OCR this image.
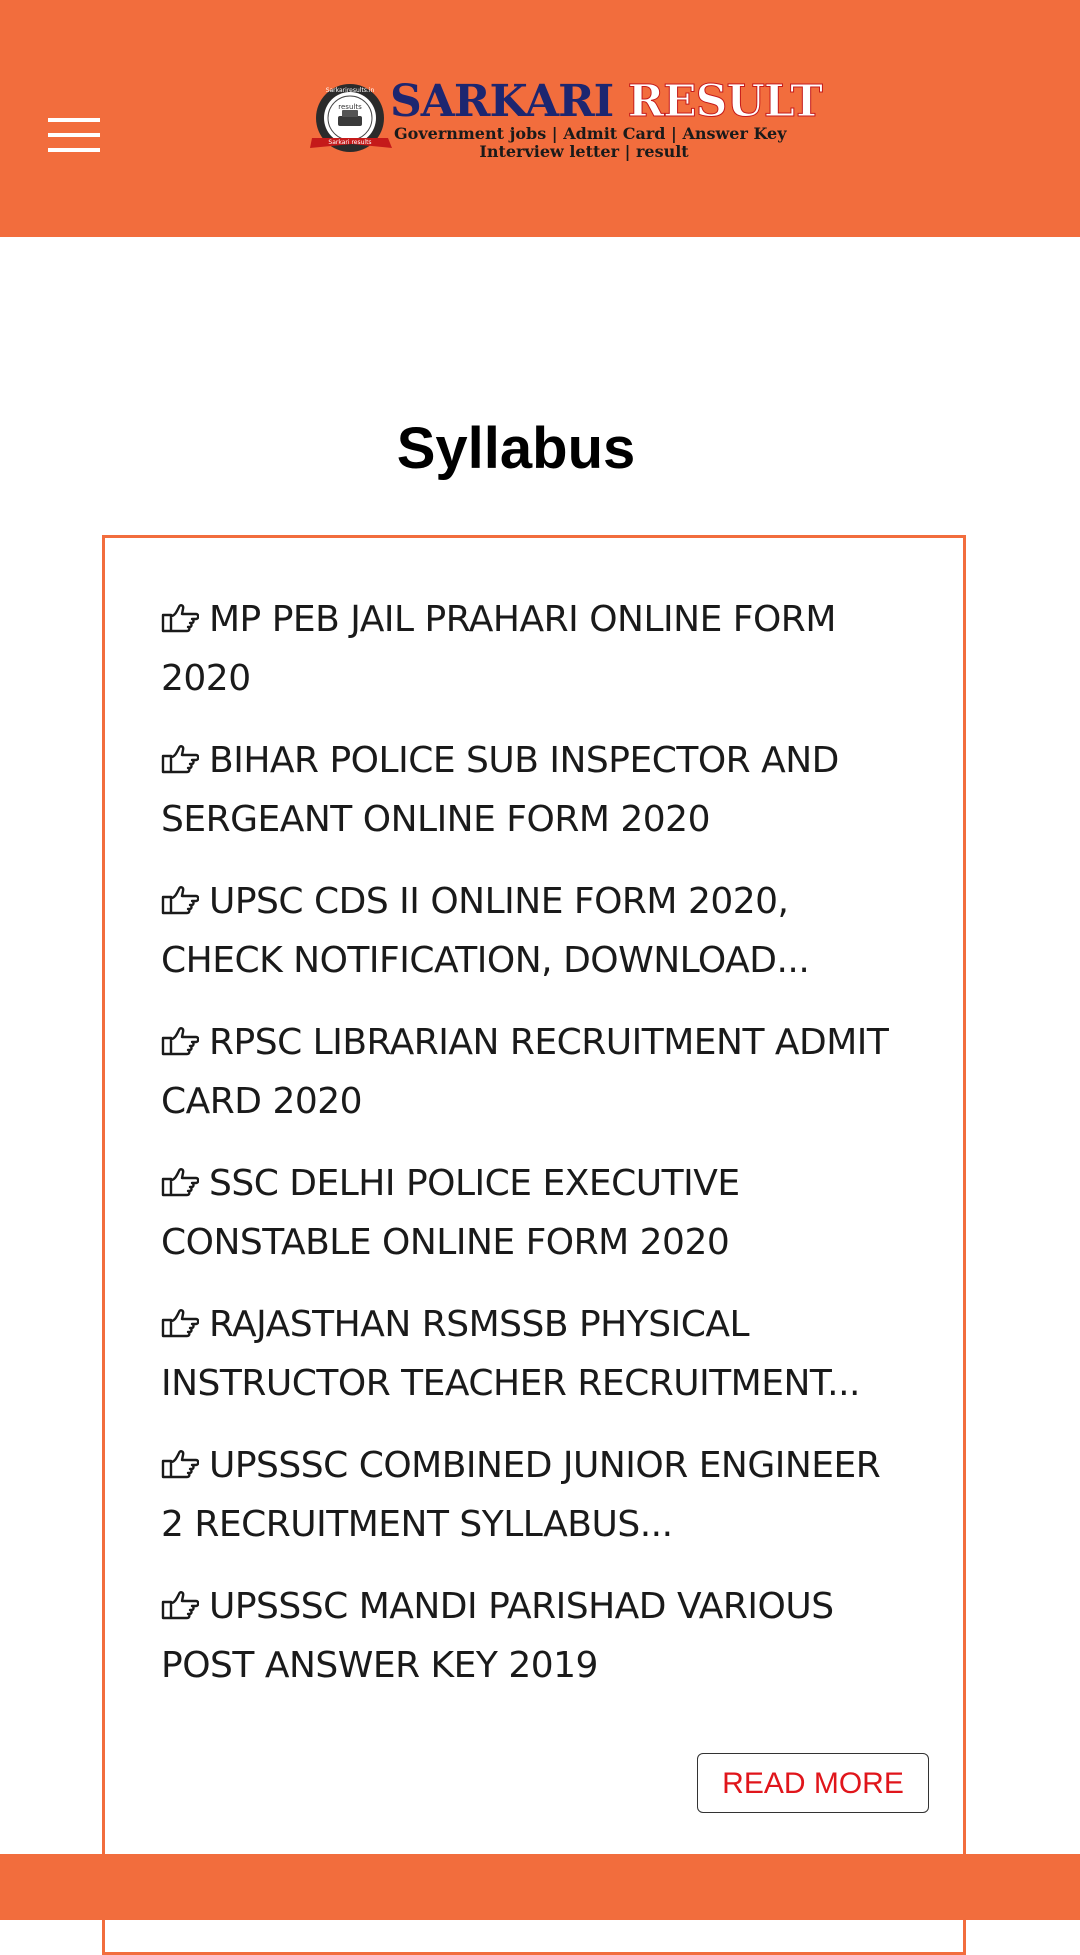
results
Sarkari results
Sarkariresults.in SARKARI RESULT
Government jobs | Admit Card | Answer Key
Interview letter | result
Syllabus
MP PEB JAIL PRAHARI ONLINE FORM 2020
BIHAR POLICE SUB INSPECTOR AND SERGEANT ONLINE FORM 2020
UPSC CDS II ONLINE FORM 2020, CHECK NOTIFICATION, DOWNLOAD...
RPSC LIBRARIAN RECRUITMENT ADMIT CARD 2020
SSC DELHI POLICE EXECUTIVE CONSTABLE ONLINE FORM 2020
RAJASTHAN RSMSSB PHYSICAL INSTRUCTOR TEACHER RECRUITMENT...
UPSSSC COMBINED JUNIOR ENGINEER 2 RECRUITMENT SYLLABUS...
UPSSSC MANDI PARISHAD VARIOUS POST ANSWER KEY 2019
READ MORE
